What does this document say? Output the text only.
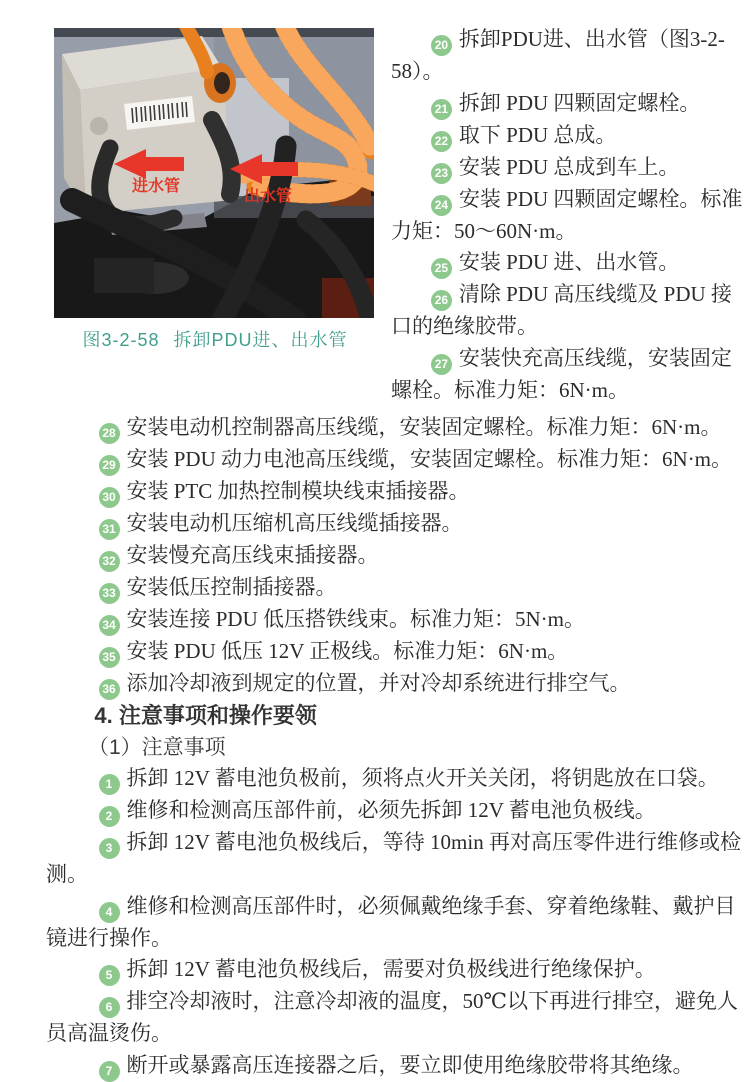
进水管
出水管
图3-2-58 拆卸PDU进、出水管

20 拆卸PDU进、出水管（图3-2-58）。

21 拆卸 PDU 四颗固定螺栓。

22 取下 PDU 总成。

23 安装 PDU 总成到车上。

24 安装 PDU 四颗固定螺栓。标准力矩：50～60N·m。

25 安装 PDU 进、出水管。

26 清除 PDU 高压线缆及 PDU 接口的绝缘胶带。

27 安装快充高压线缆，安装固定螺栓。标准力矩：6N·m。

28 安装电动机控制器高压线缆，安装固定螺栓。标准力矩：6N·m。

29 安装 PDU 动力电池高压线缆，安装固定螺栓。标准力矩：6N·m。

30 安装 PTC 加热控制模块线束插接器。

31 安装电动机压缩机高压线缆插接器。

32 安装慢充高压线束插接器。

33 安装低压控制插接器。

34 安装连接 PDU 低压搭铁线束。标准力矩：5N·m。

35 安装 PDU 低压 12V 正极线。标准力矩：6N·m。

36 添加冷却液到规定的位置，并对冷却系统进行排空气。

4. 注意事项和操作要领

（1）注意事项

1 拆卸 12V 蓄电池负极前，须将点火开关关闭，将钥匙放在口袋。

2 维修和检测高压部件前，必须先拆卸 12V 蓄电池负极线。

3 拆卸 12V 蓄电池负极线后，等待 10min 再对高压零件进行维修或检测。

4 维修和检测高压部件时，必须佩戴绝缘手套、穿着绝缘鞋、戴护目镜进行操作。

5 拆卸 12V 蓄电池负极线后，需要对负极线进行绝缘保护。

6 排空冷却液时，注意冷却液的温度，50℃以下再进行排空，避免人员高温烫伤。

7 断开或暴露高压连接器之后，要立即使用绝缘胶带将其绝缘。
